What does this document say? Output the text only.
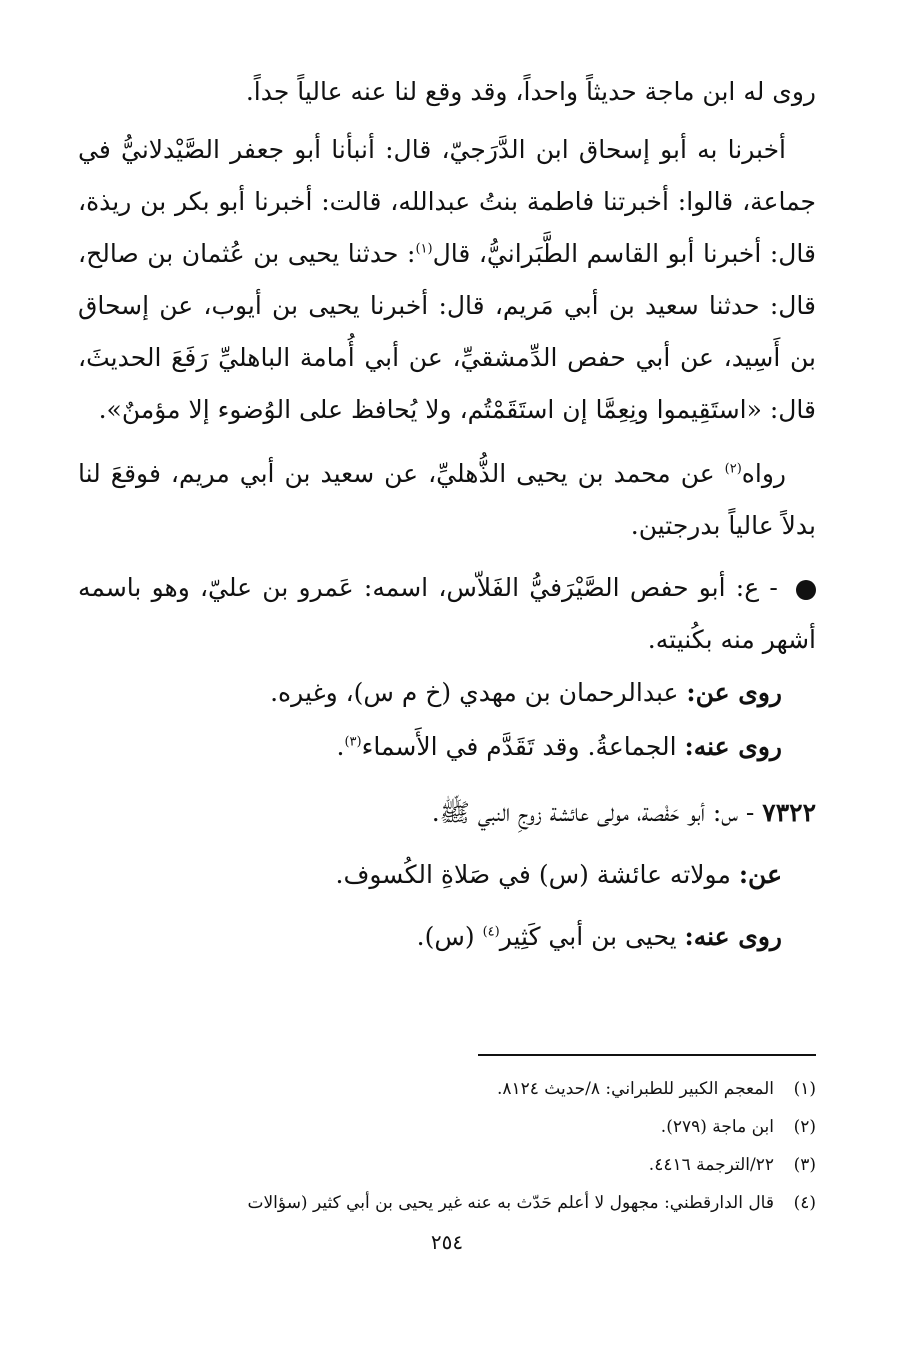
روى له ابن ماجة حديثاً واحداً، وقد وقع لنا عنه عالياً جداً.

أخبرنا به أبو إسحاق ابن الدَّرَجيّ، قال: أنبأنا أبو جعفر الصَّيْدلانيُّ في جماعة، قالوا: أخبرتنا فاطمة بنتُ عبدالله، قالت: أخبرنا أبو بكر بن ريذة، قال: أخبرنا أبو القاسم الطَّبَرانيُّ، قال$^{(١)}$: حدثنا يحيى بن عُثمان بن صالح، قال: حدثنا سعيد بن أبي مَريم، قال: أخبرنا يحيى بن أيوب، عن إسحاق بن أَسِيد، عن أبي حفص الدِّمشقيِّ، عن أبي أُمامة الباهليِّ رَفَعَ الحديثَ، قال: «استَقِيموا ونِعِمَّا إن استَقَمْتُم، ولا يُحافظ على الوُضوء إلا مؤمنٌ».

رواه$^{(٢)}$ عن محمد بن يحيى الذُّهليِّ، عن سعيد بن أبي مريم، فوقعَ لنا بدلاً عالياً بدرجتين.

- ع: أبو حفص الصَّيْرَفيُّ الفَلاّس، اسمه: عَمرو بن عليّ، وهو باسمه أشهر منه بكُنيته.

روى عن: عبدالرحمان بن مهدي (خ م س)، وغيره.
روى عنه: الجماعةُ. وقد تَقَدَّم في الأَسماء$^{(٣)}$.
٧٣٢٢ - س: أبو حَفْصة، مولى عائشة زوجِ النبي ﷺ.
عن: مولاته عائشة (س) في صَلاةِ الكُسوف.
روى عنه: يحيى بن أبي كَثِير$^{(٤)}$ (س).
(١)المعجم الكبير للطبراني: ٨/حديث ٨١٢٤.
(٢)ابن ماجة (٢٧٩).
(٣)٢٢/الترجمة ٤٤١٦.
(٤)قال الدارقطني: مجهول لا أعلم حَدّث به عنه غير يحيى بن أبي كثير (سؤالات
٢٥٤
